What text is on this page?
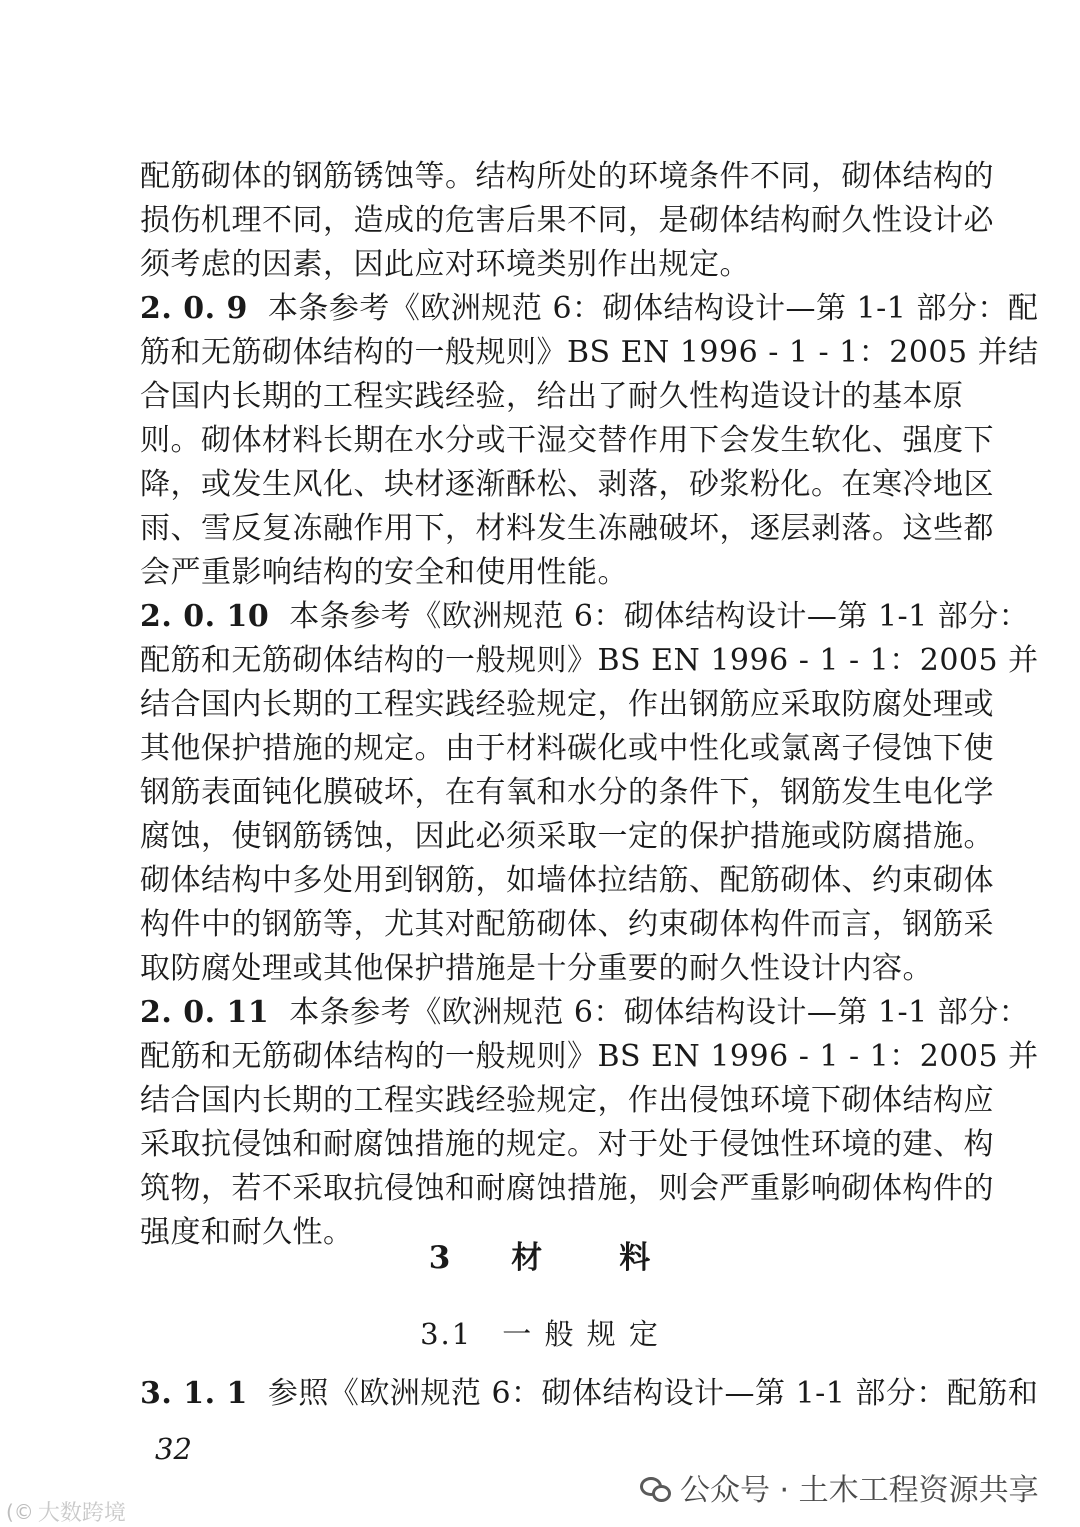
配筋砌体的钢筋锈蚀等。结构所处的环境条件不同，砌体结构的
损伤机理不同，造成的危害后果不同，是砌体结构耐久性设计必
须考虑的因素，因此应对环境类别作出规定。
2. 0. 9 本条参考《欧洲规范 6：砌体结构设计—第 1-1 部分：配
筋和无筋砌体结构的一般规则》BS EN 1996 - 1 - 1：2005 并结
合国内长期的工程实践经验，给出了耐久性构造设计的基本原
则。砌体材料长期在水分或干湿交替作用下会发生软化、强度下
降，或发生风化、块材逐渐酥松、剥落，砂浆粉化。在寒冷地区
雨、雪反复冻融作用下，材料发生冻融破坏，逐层剥落。这些都
会严重影响结构的安全和使用性能。
2. 0. 10 本条参考《欧洲规范 6：砌体结构设计—第 1-1 部分：
配筋和无筋砌体结构的一般规则》BS EN 1996 - 1 - 1：2005 并
结合国内长期的工程实践经验规定，作出钢筋应采取防腐处理或
其他保护措施的规定。由于材料碳化或中性化或氯离子侵蚀下使
钢筋表面钝化膜破坏，在有氧和水分的条件下，钢筋发生电化学
腐蚀，使钢筋锈蚀，因此必须采取一定的保护措施或防腐措施。
砌体结构中多处用到钢筋，如墙体拉结筋、配筋砌体、约束砌体
构件中的钢筋等，尤其对配筋砌体、约束砌体构件而言，钢筋采
取防腐处理或其他保护措施是十分重要的耐久性设计内容。
2. 0. 11 本条参考《欧洲规范 6：砌体结构设计—第 1-1 部分：
配筋和无筋砌体结构的一般规则》BS EN 1996 - 1 - 1：2005 并
结合国内长期的工程实践经验规定，作出侵蚀环境下砌体结构应
采取抗侵蚀和耐腐蚀措施的规定。对于处于侵蚀性环境的建、构
筑物，若不采取抗侵蚀和耐腐蚀措施，则会严重影响砌体构件的
强度和耐久性。
3 材 料
3.1 一 般 规 定
3. 1. 1 参照《欧洲规范 6：砌体结构设计—第 1-1 部分：配筋和
32
公众号 · 土木工程资源共享
(© 大数跨境
